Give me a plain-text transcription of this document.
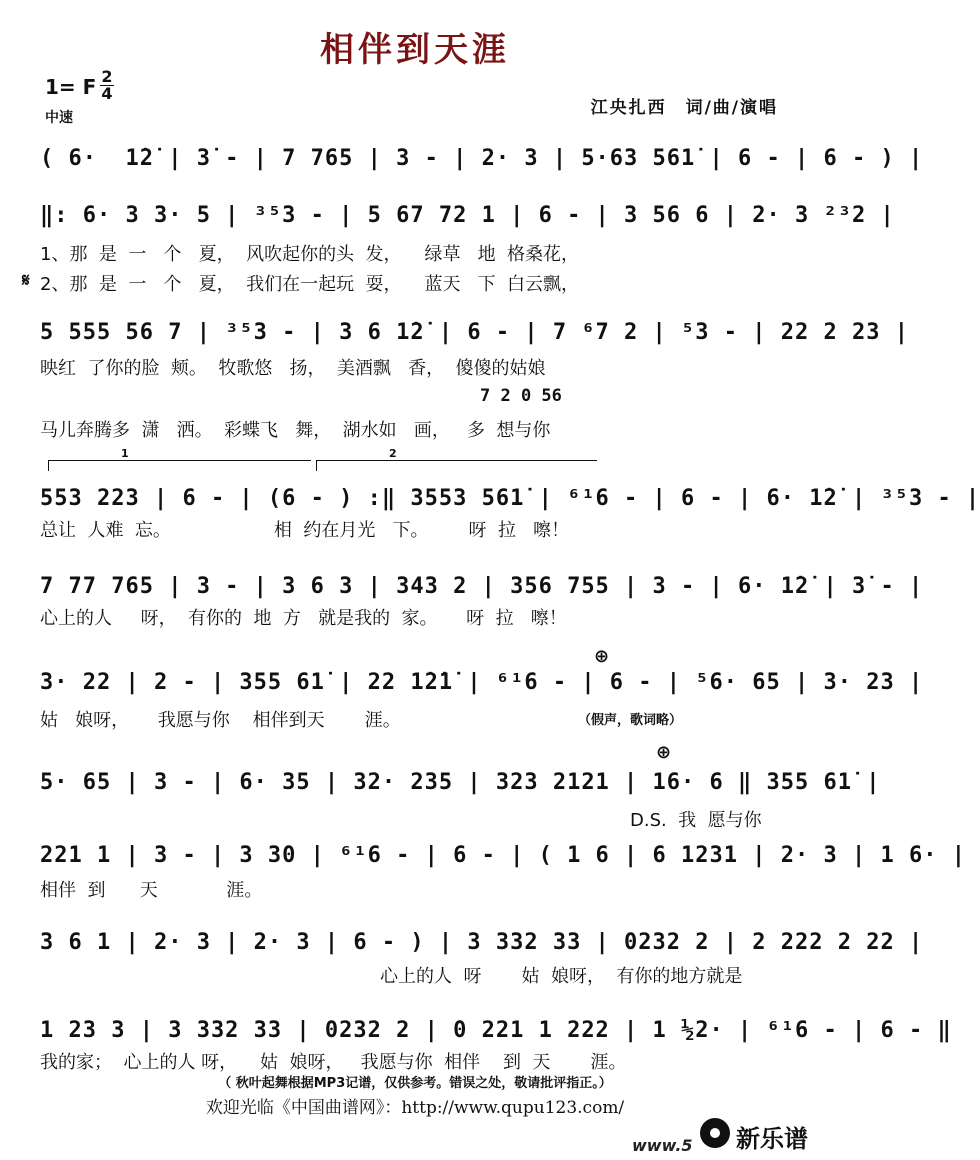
相伴到天涯
1= F 2
4
中速	江央扎西　词/曲/演唱

( 6·  1̇2̇ | 3̇ - | 7 765 | 3 - | 2· 3 | 5·63 561̇ | 6 - | 6 - ) |

‖: 6· 3 3· 5 | ³⁵3 - | 5 67 72 1 | 6 - | 3 56 6 | 2· 3 ²³2 |

1、那  是  一   个   夏，  风吹起你的头  发，    绿草   地  格桑花，

𝄋

2、那  是  一   个   夏，  我们在一起玩  耍，    蓝天   下  白云飘，

5 555 56 7 | ³⁵3 - | 3 6 1̇2̇ | 6 - | 7 ⁶7 2 | ⁵3 - | 22 2 23 |

映红  了你的脸  颊。  牧歌悠   扬，  美酒飘   香，  傻傻的姑娘

7 2 0 56

马儿奔腾多  潇   洒。  彩蝶飞   舞，  湖水如   画，   多  想与你

1	2

553 223 | 6 - | (6 - ) :‖ 3553 561̇ | ⁶¹6 - | 6 - | 6· 1̇2̇ | ³⁵3 - |

总让  人难  忘。                  相  约在月光   下。       呀  拉   嚓！

7 77 765 | 3 - | 3 6 3 | 343 2 | 356 755 | 3 - | 6· 1̇2̇ | 3̇ - |

心上的人     呀，  有你的  地  方   就是我的  家。     呀  拉   嚓！

⊕

3· 22 | 2 - | 355 61̇ | 22 1̇2̇1̇ | ⁶¹6 - | 6 - | ⁵6· 65 | 3· 23 |

姑   娘呀，     我愿与你    相伴到天       涯。	（假声，歌词略）
⊕

5· 65 | 3 - | 6· 35 | 32· 235 | 323 2121 | 16· 6 ‖ 355 61̇ |

D.S.  我  愿与你

221 1 | 3 - | 3 30 | ⁶¹6 - | 6 - | ( 1 6 | 6 1231 | 2· 3 | 1 6· |

相伴  到      天            涯。

3 6 1 | 2· 3 | 2· 3 | 6 - ) | 3 332 33 | 0232 2 | 2 222 2 22 |

心上的人  呀       姑  娘呀，  有你的地方就是

1 23 3 | 3 332 33 | 0232 2 | 0 221 1 222 | 1 ½2· | ⁶¹6 - | 6 - ‖

我的家；  心上的人 呀，    姑  娘呀，   我愿与你  相伴    到  天       涯。

（ 秋叶起舞根据MP3记谱，仅供参考。错误之处，敬请批评指正。）
欢迎光临《中国曲谱网》：http://www.qupu123.com/
www.5 新乐谱
